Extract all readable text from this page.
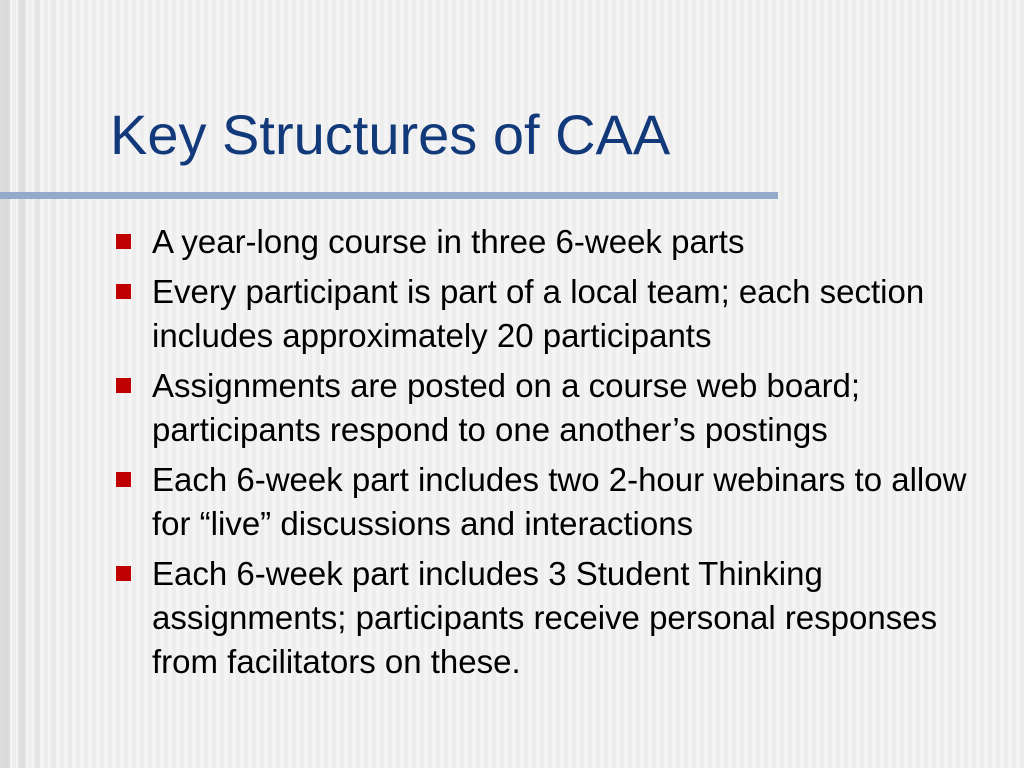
Key Structures of CAA
A year-long course in three 6-week parts
Every participant is part of a local team; each section includes approximately 20 participants
Assignments are posted on a course web board; participants respond to one another’s postings
Each 6-week part includes two 2-hour webinars to allow for “live” discussions and interactions
Each 6-week part includes 3 Student Thinking assignments; participants receive personal responses from facilitators on these.
